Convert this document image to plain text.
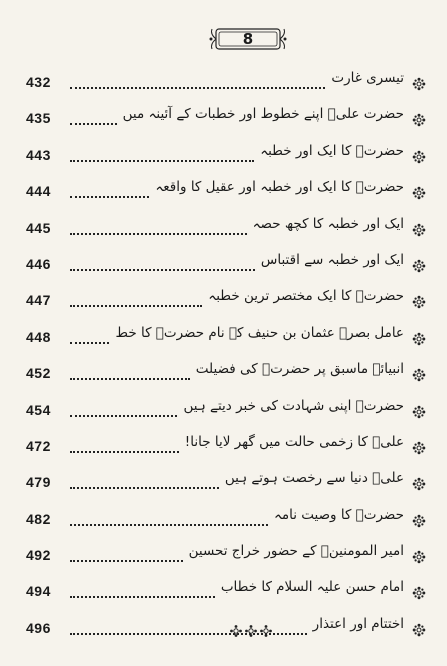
8
432	تیسری غارت
435	حضرت علیؑ اپنے خطوط اور خطبات کے آئینہ میں
443	حضرتؑ کا ایک اور خطبہ
444	حضرتؑ کا ایک اور خطبہ اور عقیل کا واقعہ
445	ایک اور خطبہ کا کچھ حصہ
446	ایک اور خطبہ سے اقتباس
447	حضرتؑ کا ایک مختصر ترین خطبہ
448	عامل بصرہ عثمان بن حنیف کے نام حضرتؑ کا خط
452	انبیائے ماسبق پر حضرتؑ کی فضیلت
454	حضرتؑ اپنی شہادت کی خبر دیتے ہیں
472	علیؑ کا زخمی حالت میں گھر لایا جانا!
479	علیؑ دنیا سے رخصت ہوتے ہیں
482	حضرتؑ کا وصیت نامہ
492	امیر المومنینؑ کے حضور خراج تحسین
494	امام حسن علیہ السلام کا خطاب
496	اختتام اور اعتذار
